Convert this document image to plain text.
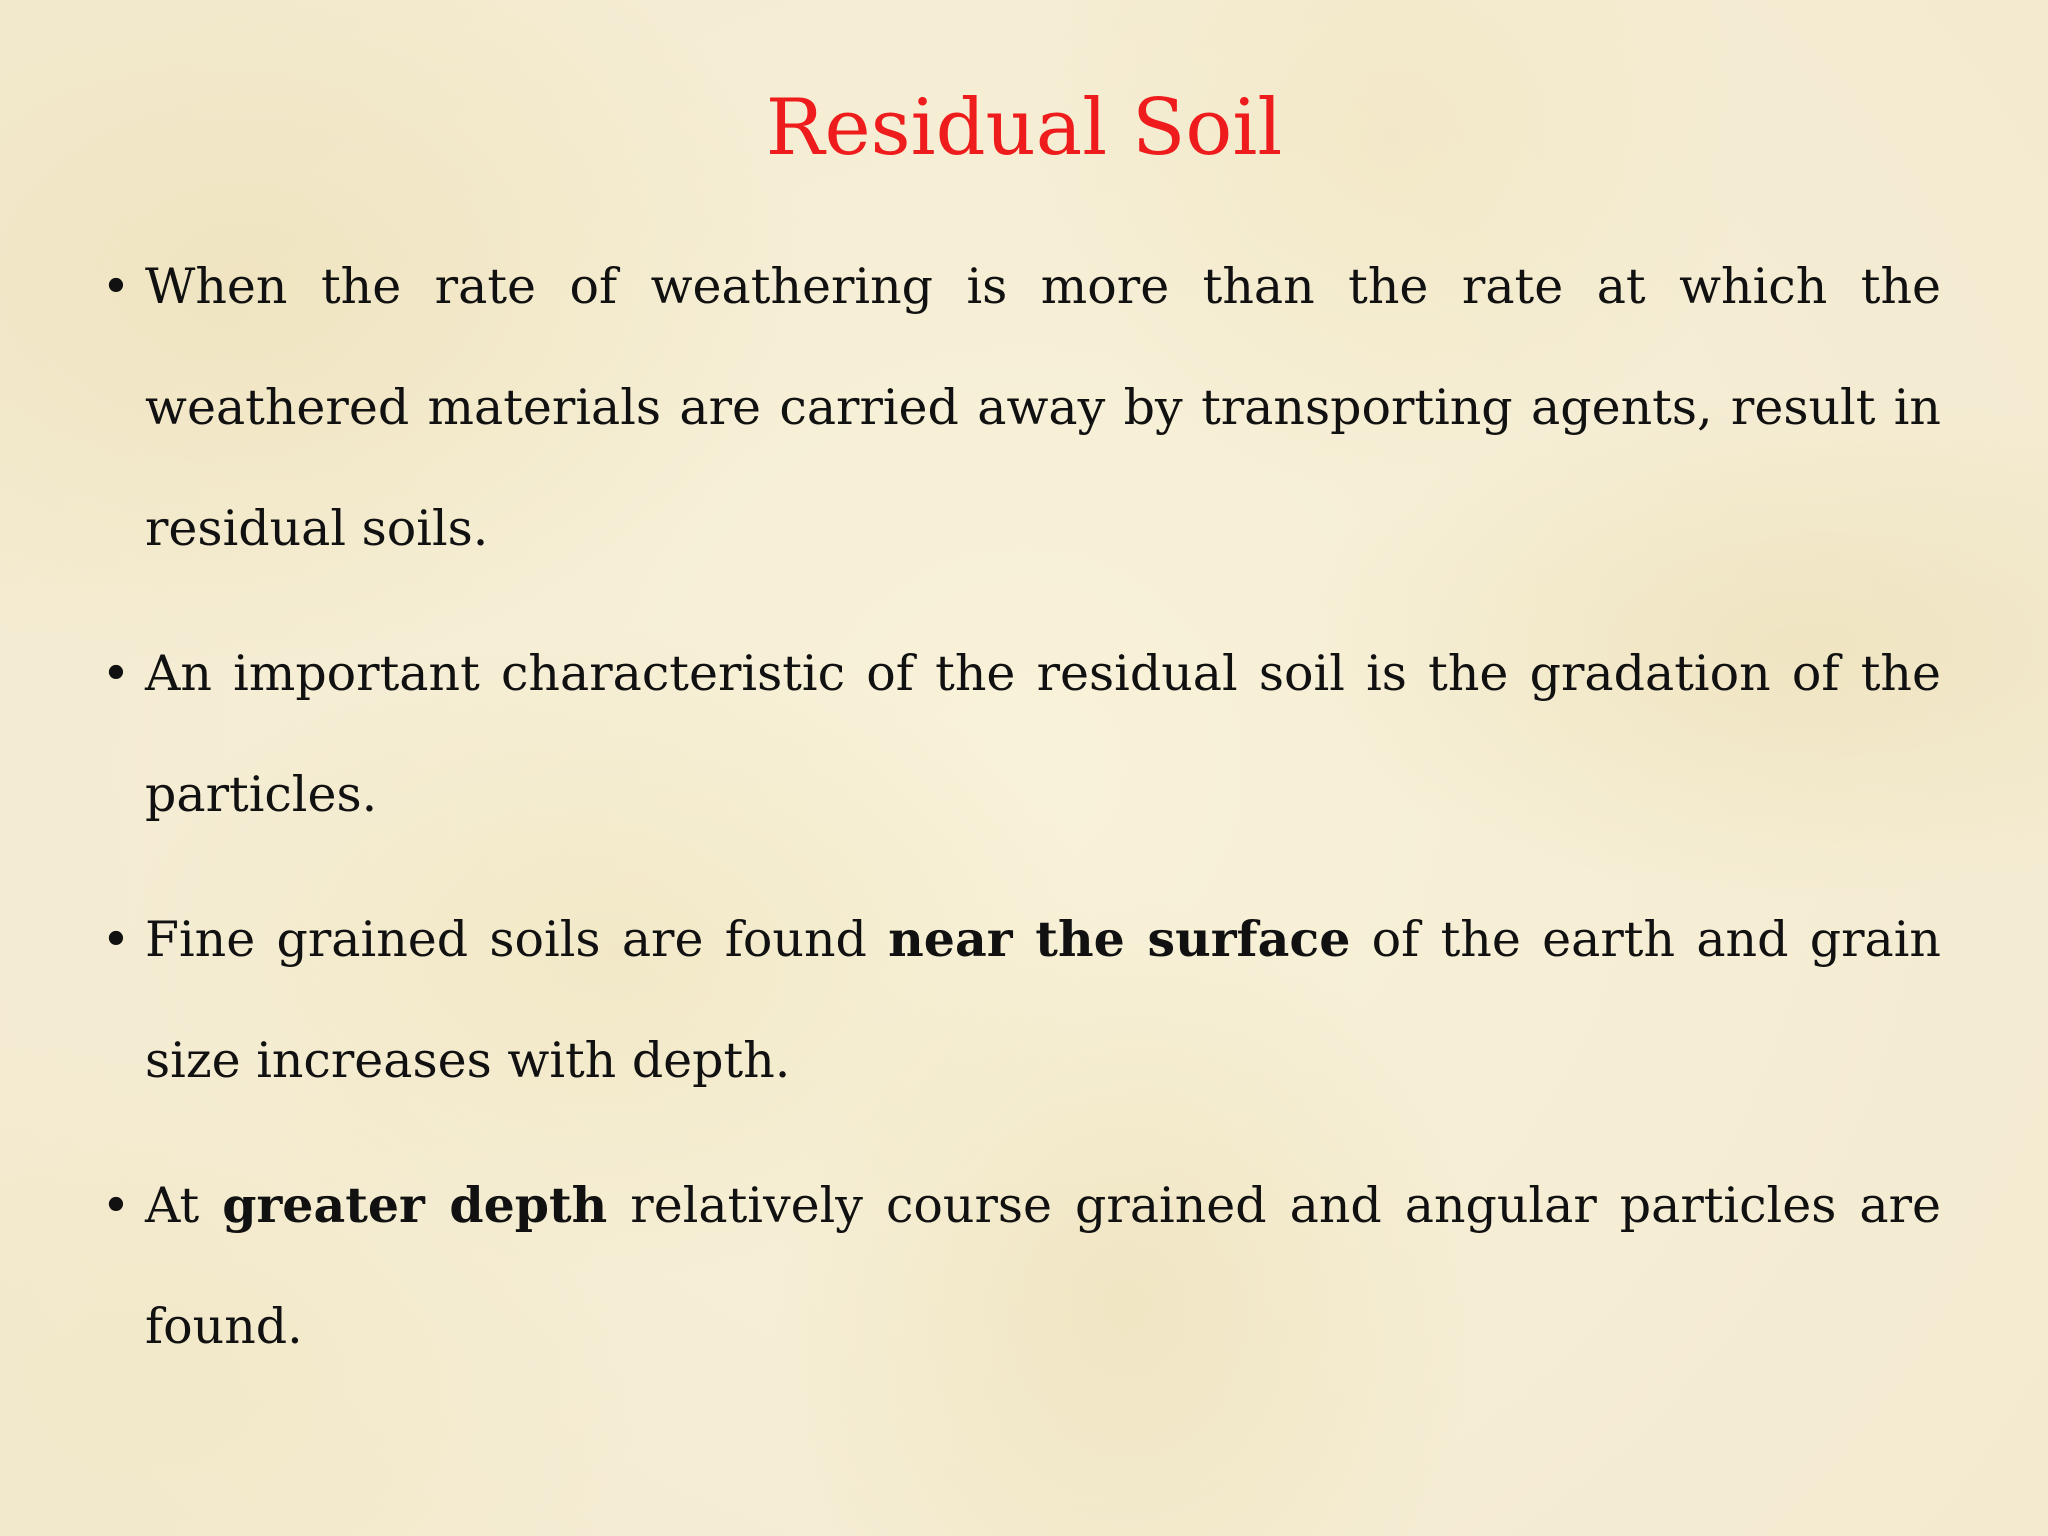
Residual Soil
• When the rate of weathering is more than the rate at which the weathered materials are carried away by transporting agents, result in residual soils.
• An important characteristic of the residual soil is the gradation of the particles.
• Fine grained soils are found near the surface of the earth and grain size increases with depth.
• At greater depth relatively course grained and angular particles are found.
